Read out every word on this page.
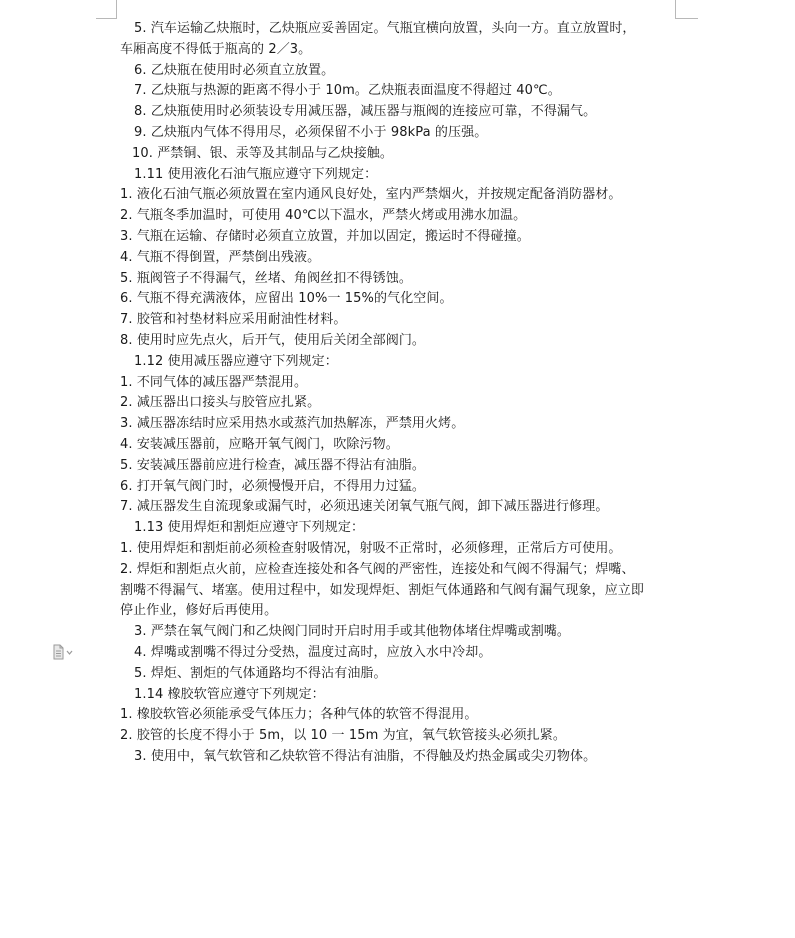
5. 汽车运输乙炔瓶时，乙炔瓶应妥善固定。气瓶宜横向放置，头向一方。直立放置时，
车厢高度不得低于瓶高的 2／3。
6. 乙炔瓶在使用时必须直立放置。
7. 乙炔瓶与热源的距离不得小于 10m。乙炔瓶表面温度不得超过 40℃。
8. 乙炔瓶使用时必须装设专用减压器，减压器与瓶阀的连接应可靠，不得漏气。
9. 乙炔瓶内气体不得用尽，必须保留不小于 98kPa 的压强。
10. 严禁铜、银、汞等及其制品与乙炔接触。
1.11 使用液化石油气瓶应遵守下列规定：
1. 液化石油气瓶必须放置在室内通风良好处，室内严禁烟火，并按规定配备消防器材。
2. 气瓶冬季加温时，可使用 40℃以下温水，严禁火烤或用沸水加温。
3. 气瓶在运输、存储时必须直立放置，并加以固定，搬运时不得碰撞。
4. 气瓶不得倒置，严禁倒出残液。
5. 瓶阀管子不得漏气，丝堵、角阀丝扣不得锈蚀。
6. 气瓶不得充满液体，应留出 10%一 15%的气化空间。
7. 胶管和衬垫材料应采用耐油性材料。
8. 使用时应先点火，后开气，使用后关闭全部阀门。
1.12 使用减压器应遵守下列规定：
1. 不同气体的减压器严禁混用。
2. 减压器出口接头与胶管应扎紧。
3. 减压器冻结时应采用热水或蒸汽加热解冻，严禁用火烤。
4. 安装减压器前，应略开氧气阀门，吹除污物。
5. 安装减压器前应进行检查，减压器不得沾有油脂。
6. 打开氧气阀门时，必须慢慢开启，不得用力过猛。
7. 减压器发生自流现象或漏气时，必须迅速关闭氧气瓶气阀，卸下减压器进行修理。
1.13 使用焊炬和割炬应遵守下列规定：
1. 使用焊炬和割炬前必须检查射吸情况，射吸不正常时，必须修理，正常后方可使用。
2. 焊炬和割炬点火前，应检查连接处和各气阀的严密性，连接处和气阀不得漏气；焊嘴、
割嘴不得漏气、堵塞。使用过程中，如发现焊炬、割炬气体通路和气阀有漏气现象，应立即
停止作业，修好后再使用。
3. 严禁在氧气阀门和乙炔阀门同时开启时用手或其他物体堵住焊嘴或割嘴。
4. 焊嘴或割嘴不得过分受热，温度过高时，应放入水中冷却。
5. 焊炬、割炬的气体通路均不得沾有油脂。
1.14 橡胶软管应遵守下列规定：
1. 橡胶软管必须能承受气体压力；各种气体的软管不得混用。
2. 胶管的长度不得小于 5m，以 10 一 15m 为宜，氧气软管接头必须扎紧。
3. 使用中，氧气软管和乙炔软管不得沾有油脂，不得触及灼热金属或尖刃物体。
